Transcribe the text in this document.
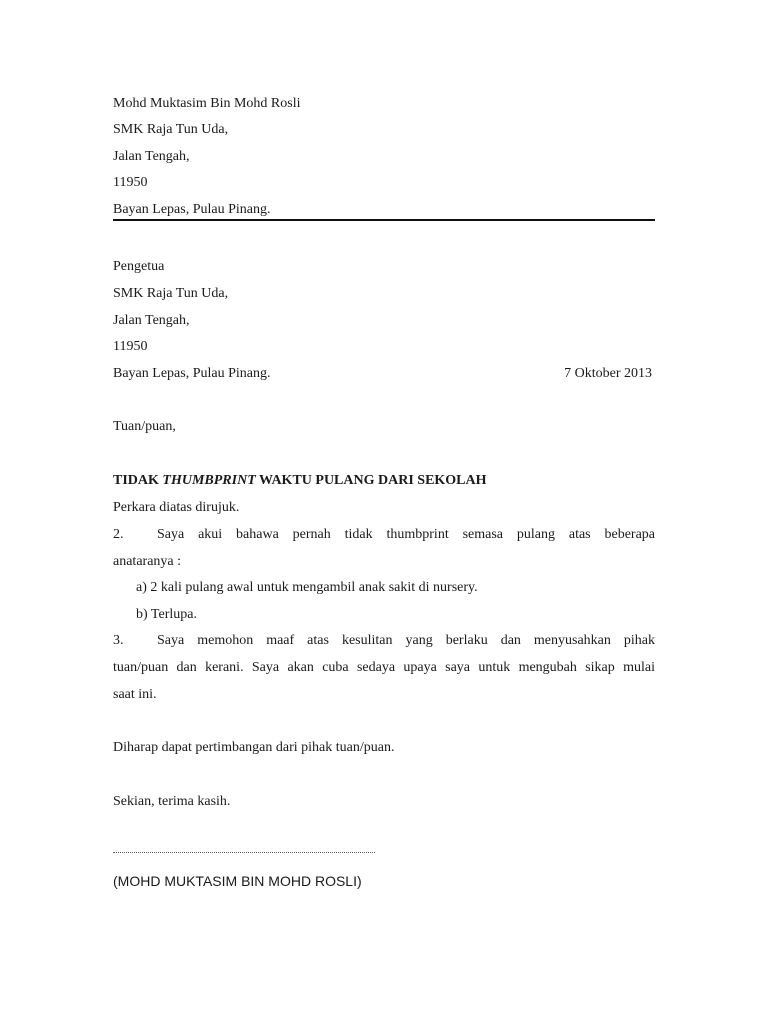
Mohd Muktasim Bin Mohd Rosli
SMK Raja Tun Uda,
Jalan Tengah,
11950
Bayan Lepas, Pulau Pinang.
Pengetua
SMK Raja Tun Uda,
Jalan Tengah,
11950
Bayan Lepas, Pulau Pinang.	7 Oktober 2013
Tuan/puan,
TIDAK THUMBPRINT WAKTU PULANG DARI SEKOLAH
Perkara diatas dirujuk.
2.	Saya akui bahawa pernah tidak thumbprint semasa pulang atas beberapa
anataranya :
a) 2 kali pulang awal untuk mengambil anak sakit di nursery.
b) Terlupa.
3.	Saya memohon maaf atas kesulitan yang berlaku dan menyusahkan pihak
tuan/puan dan kerani. Saya akan cuba sedaya upaya saya untuk mengubah sikap mulai
saat ini.
Diharap dapat pertimbangan dari pihak tuan/puan.
Sekian, terima kasih.
(MOHD MUKTASIM BIN MOHD ROSLI)
